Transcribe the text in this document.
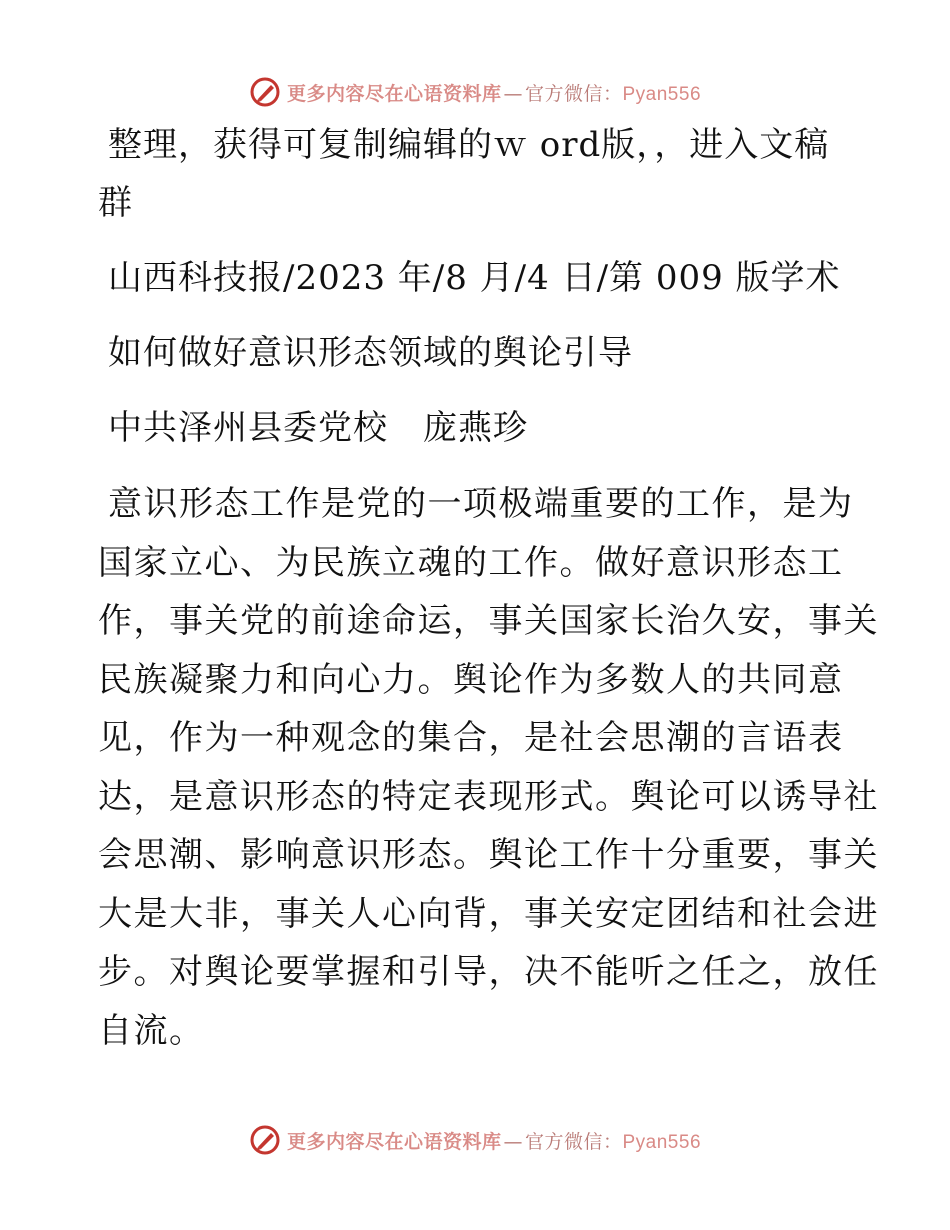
更多内容尽在心语资料库 — 官方微信：Pyan556
整理，获得可复制编辑的ｗ ord版，，进入文稿
群
山西科技报/2023 年/8 月/4 日/第 009 版学术
如何做好意识形态领域的舆论引导
中共泽州县委党校　庞燕珍
意识形态工作是党的一项极端重要的工作，是为
国家立心、为民族立魂的工作。做好意识形态工
作，事关党的前途命运，事关国家长治久安，事关
民族凝聚力和向心力。舆论作为多数人的共同意
见，作为一种观念的集合，是社会思潮的言语表
达，是意识形态的特定表现形式。舆论可以诱导社
会思潮、影响意识形态。舆论工作十分重要，事关
大是大非，事关人心向背，事关安定团结和社会进
步。对舆论要掌握和引导，决不能听之任之，放任
自流。
更多内容尽在心语资料库 — 官方微信：Pyan556
